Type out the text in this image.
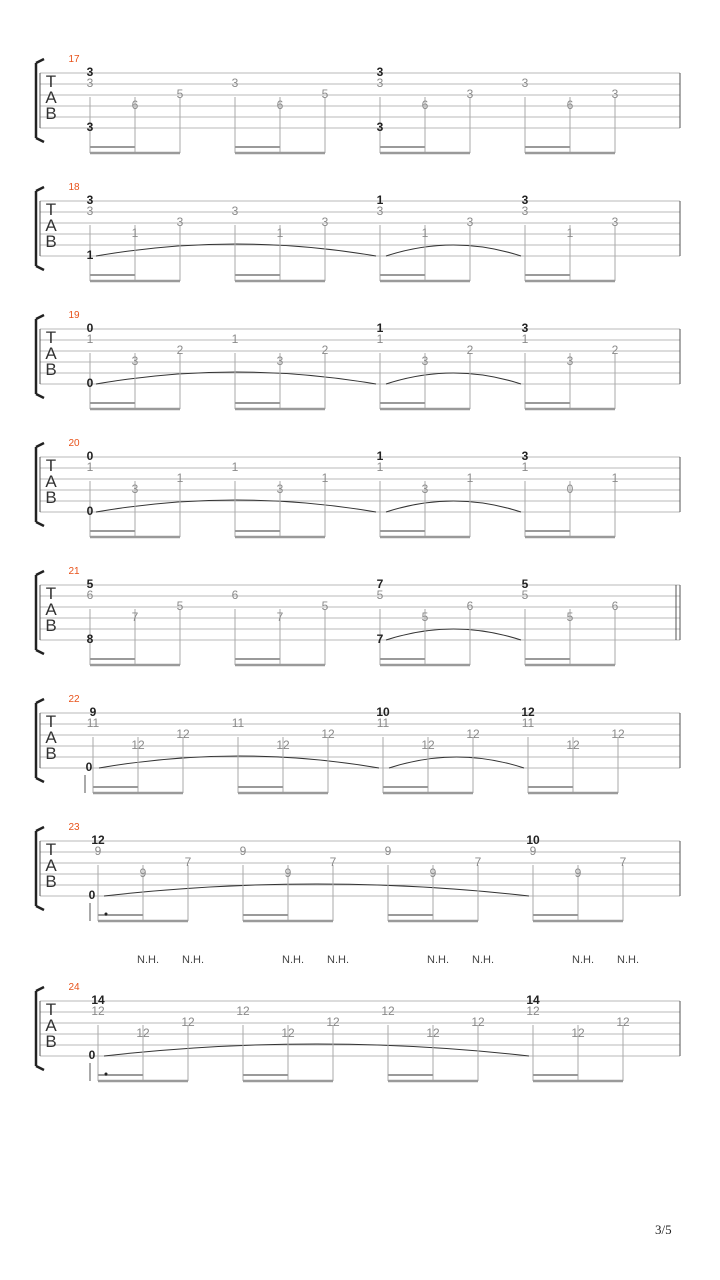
T
A
B
17
3
6
5
3
6
5
3
6
3
3
6
3
3	3
3	3
T
A
B
18
3
1
3
3
1
3
3
1
3
3
1
3
3	1	3
1
T
A
B
19
1
3
2
1
3
2
1
3
2
1
3
2
0	1	3
0
T
A
B
20
1
3
1
1
3
1
1
3
1
1
0
1
0	1	3
0
T
A
B
21
6
7
5
6
7
5
5
5
6
5
5
6
5	7	5
8	7
T
A
B
22
11
12
12
11
12
12
11
12
12
11
12
12
9	10	12
0
T
A
B
23
9
9
7
9
9
7
9
9
7
9
9
7
12	10
0
T
A
B
24
12
12
12
12
12
12
12
12
12
12
12
12
14	14
0
N.H. N.H.	N.H. N.H.	N.H. N.H.	N.H. N.H.
3/5
